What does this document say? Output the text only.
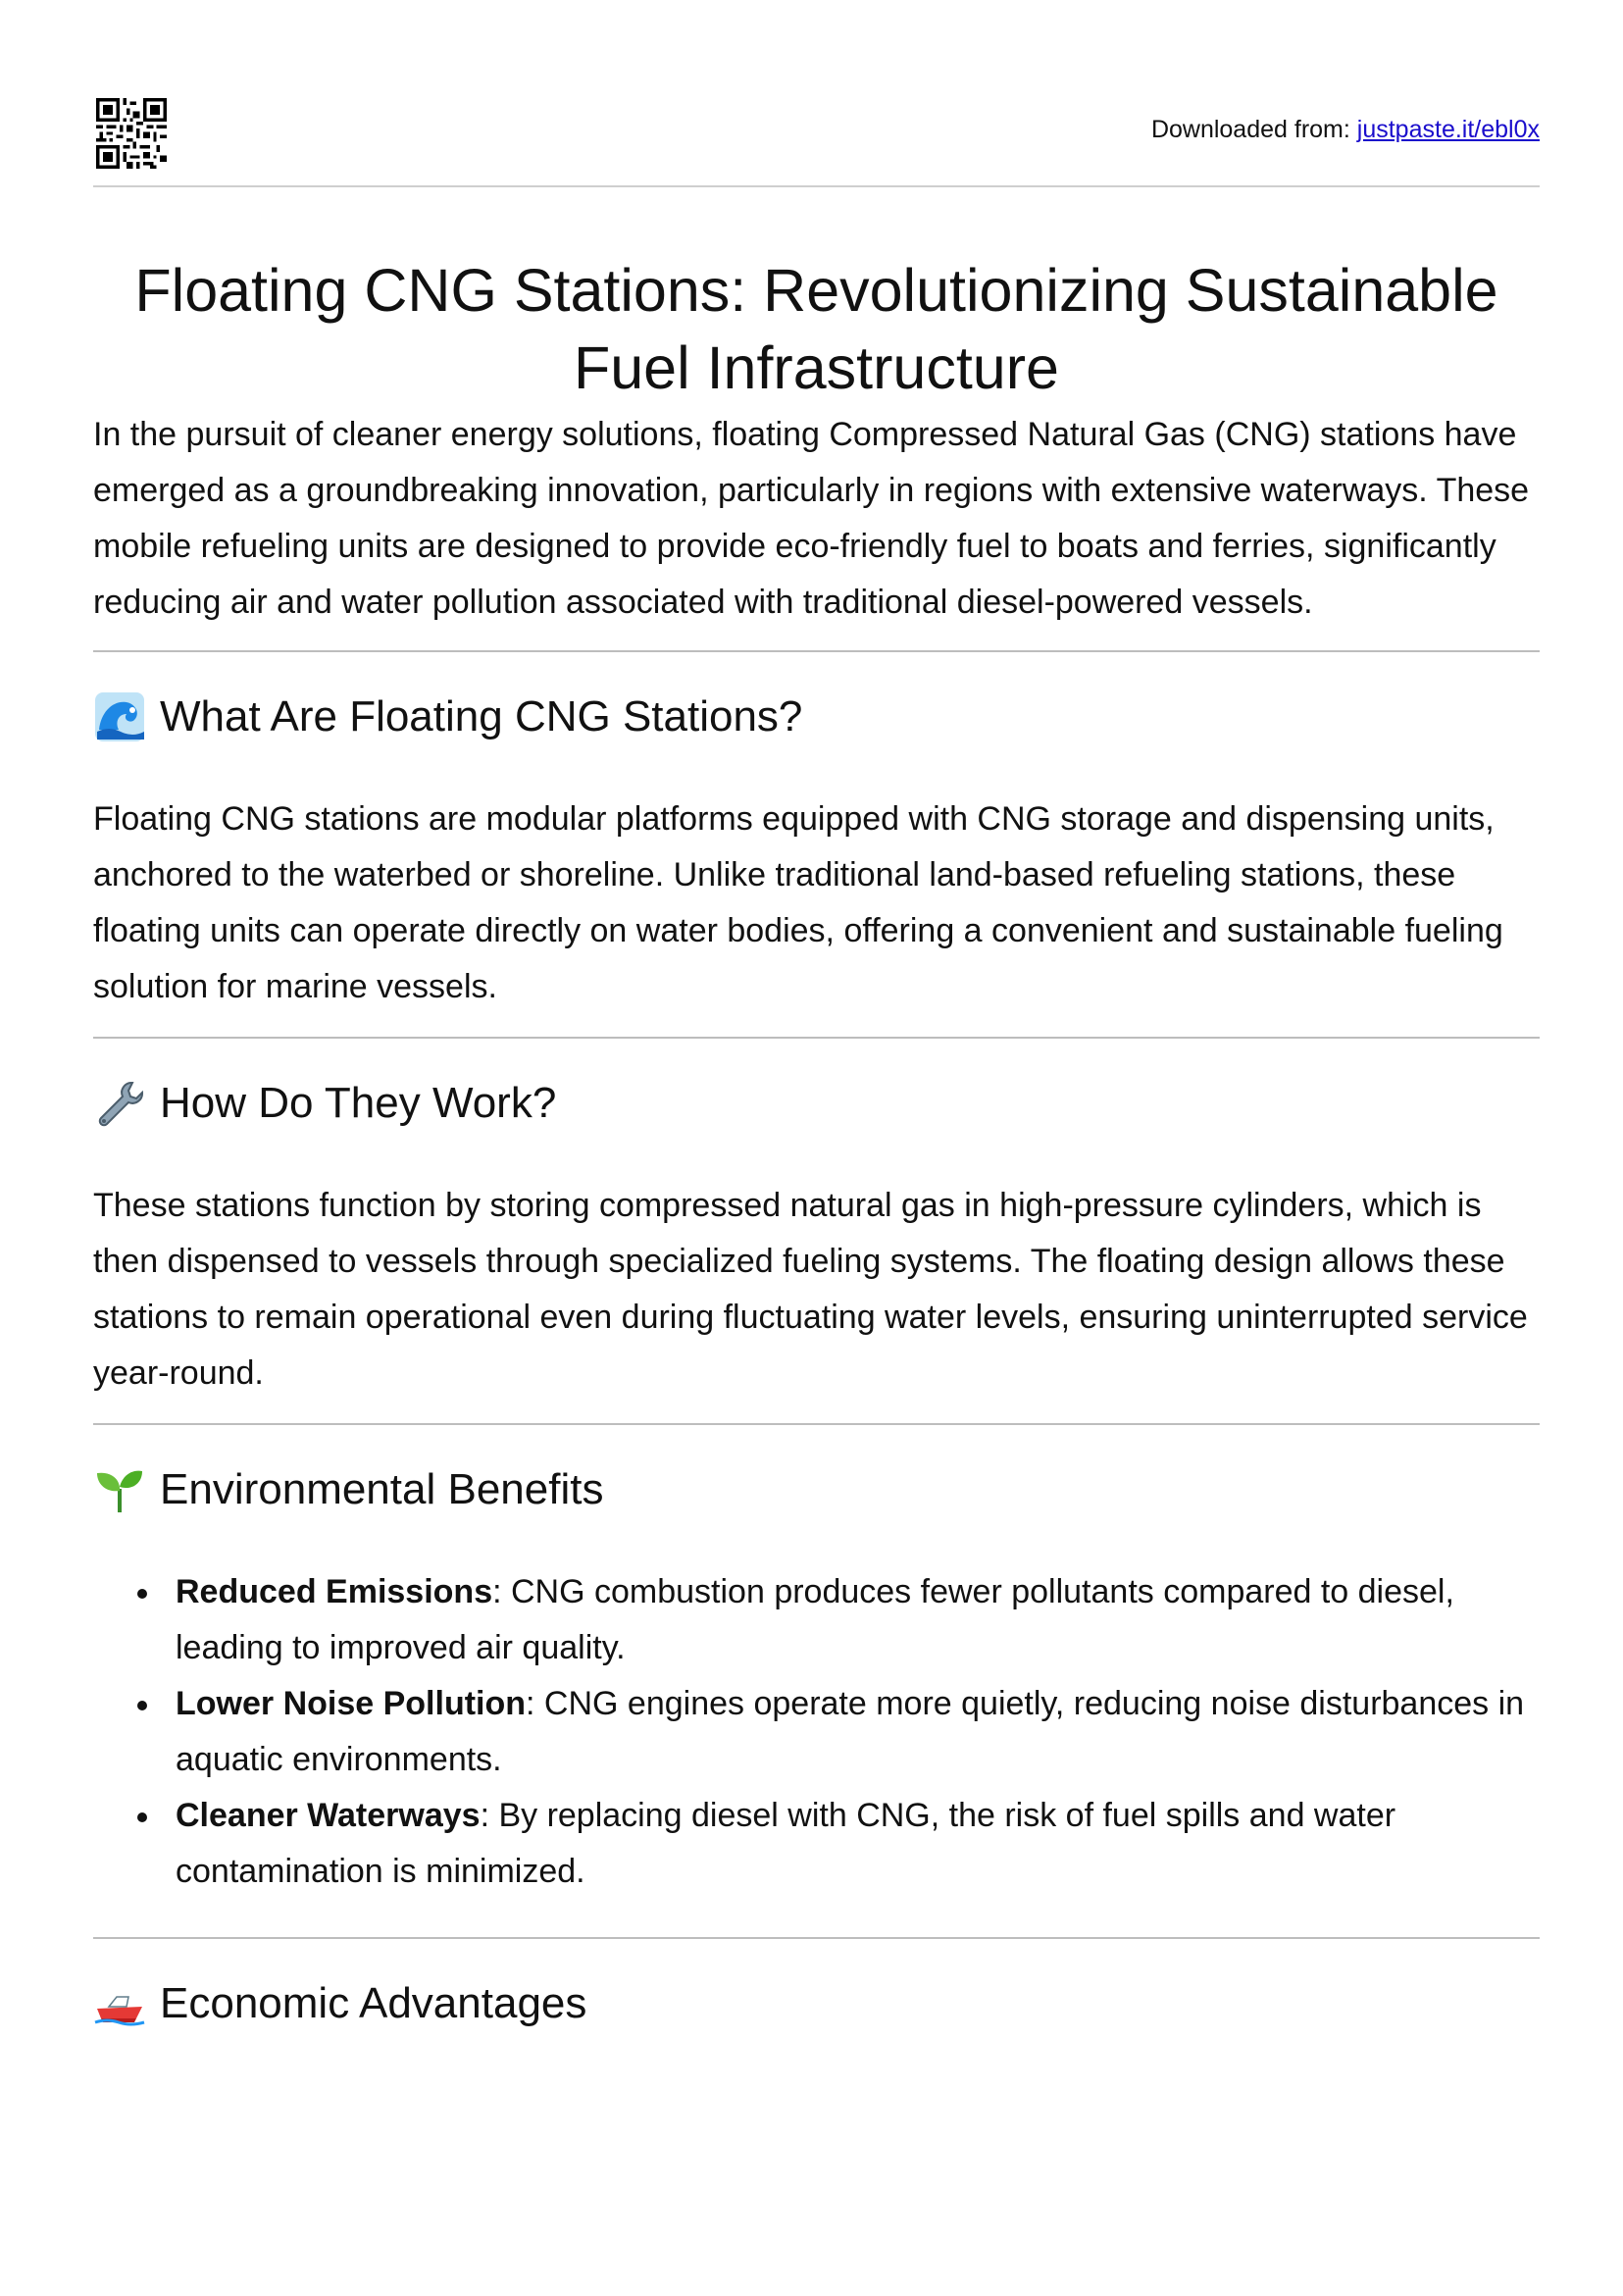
Downloaded from: justpaste.it/ebl0x
Floating CNG Stations: Revolutionizing Sustainable
Fuel Infrastructure

In the pursuit of cleaner energy solutions, floating Compressed Natural Gas (CNG) stations have emerged as a groundbreaking innovation, particularly in regions with extensive waterways. These mobile refueling units are designed to provide eco-friendly fuel to boats and ferries, significantly reducing air and water pollution associated with traditional diesel-powered vessels.

What Are Floating CNG Stations?

Floating CNG stations are modular platforms equipped with CNG storage and dispensing units, anchored to the waterbed or shoreline. Unlike traditional land-based refueling stations, these floating units can operate directly on water bodies, offering a convenient and sustainable fueling solution for marine vessels.

How Do They Work?

These stations function by storing compressed natural gas in high-pressure cylinders, which is then dispensed to vessels through specialized fueling systems. The floating design allows these stations to remain operational even during fluctuating water levels, ensuring uninterrupted service year-round.

Environmental Benefits
Reduced Emissions: CNG combustion produces fewer pollutants compared to diesel, leading to improved air quality.
Lower Noise Pollution: CNG engines operate more quietly, reducing noise disturbances in aquatic environments.
Cleaner Waterways: By replacing diesel with CNG, the risk of fuel spills and water contamination is minimized.
Economic Advantages
